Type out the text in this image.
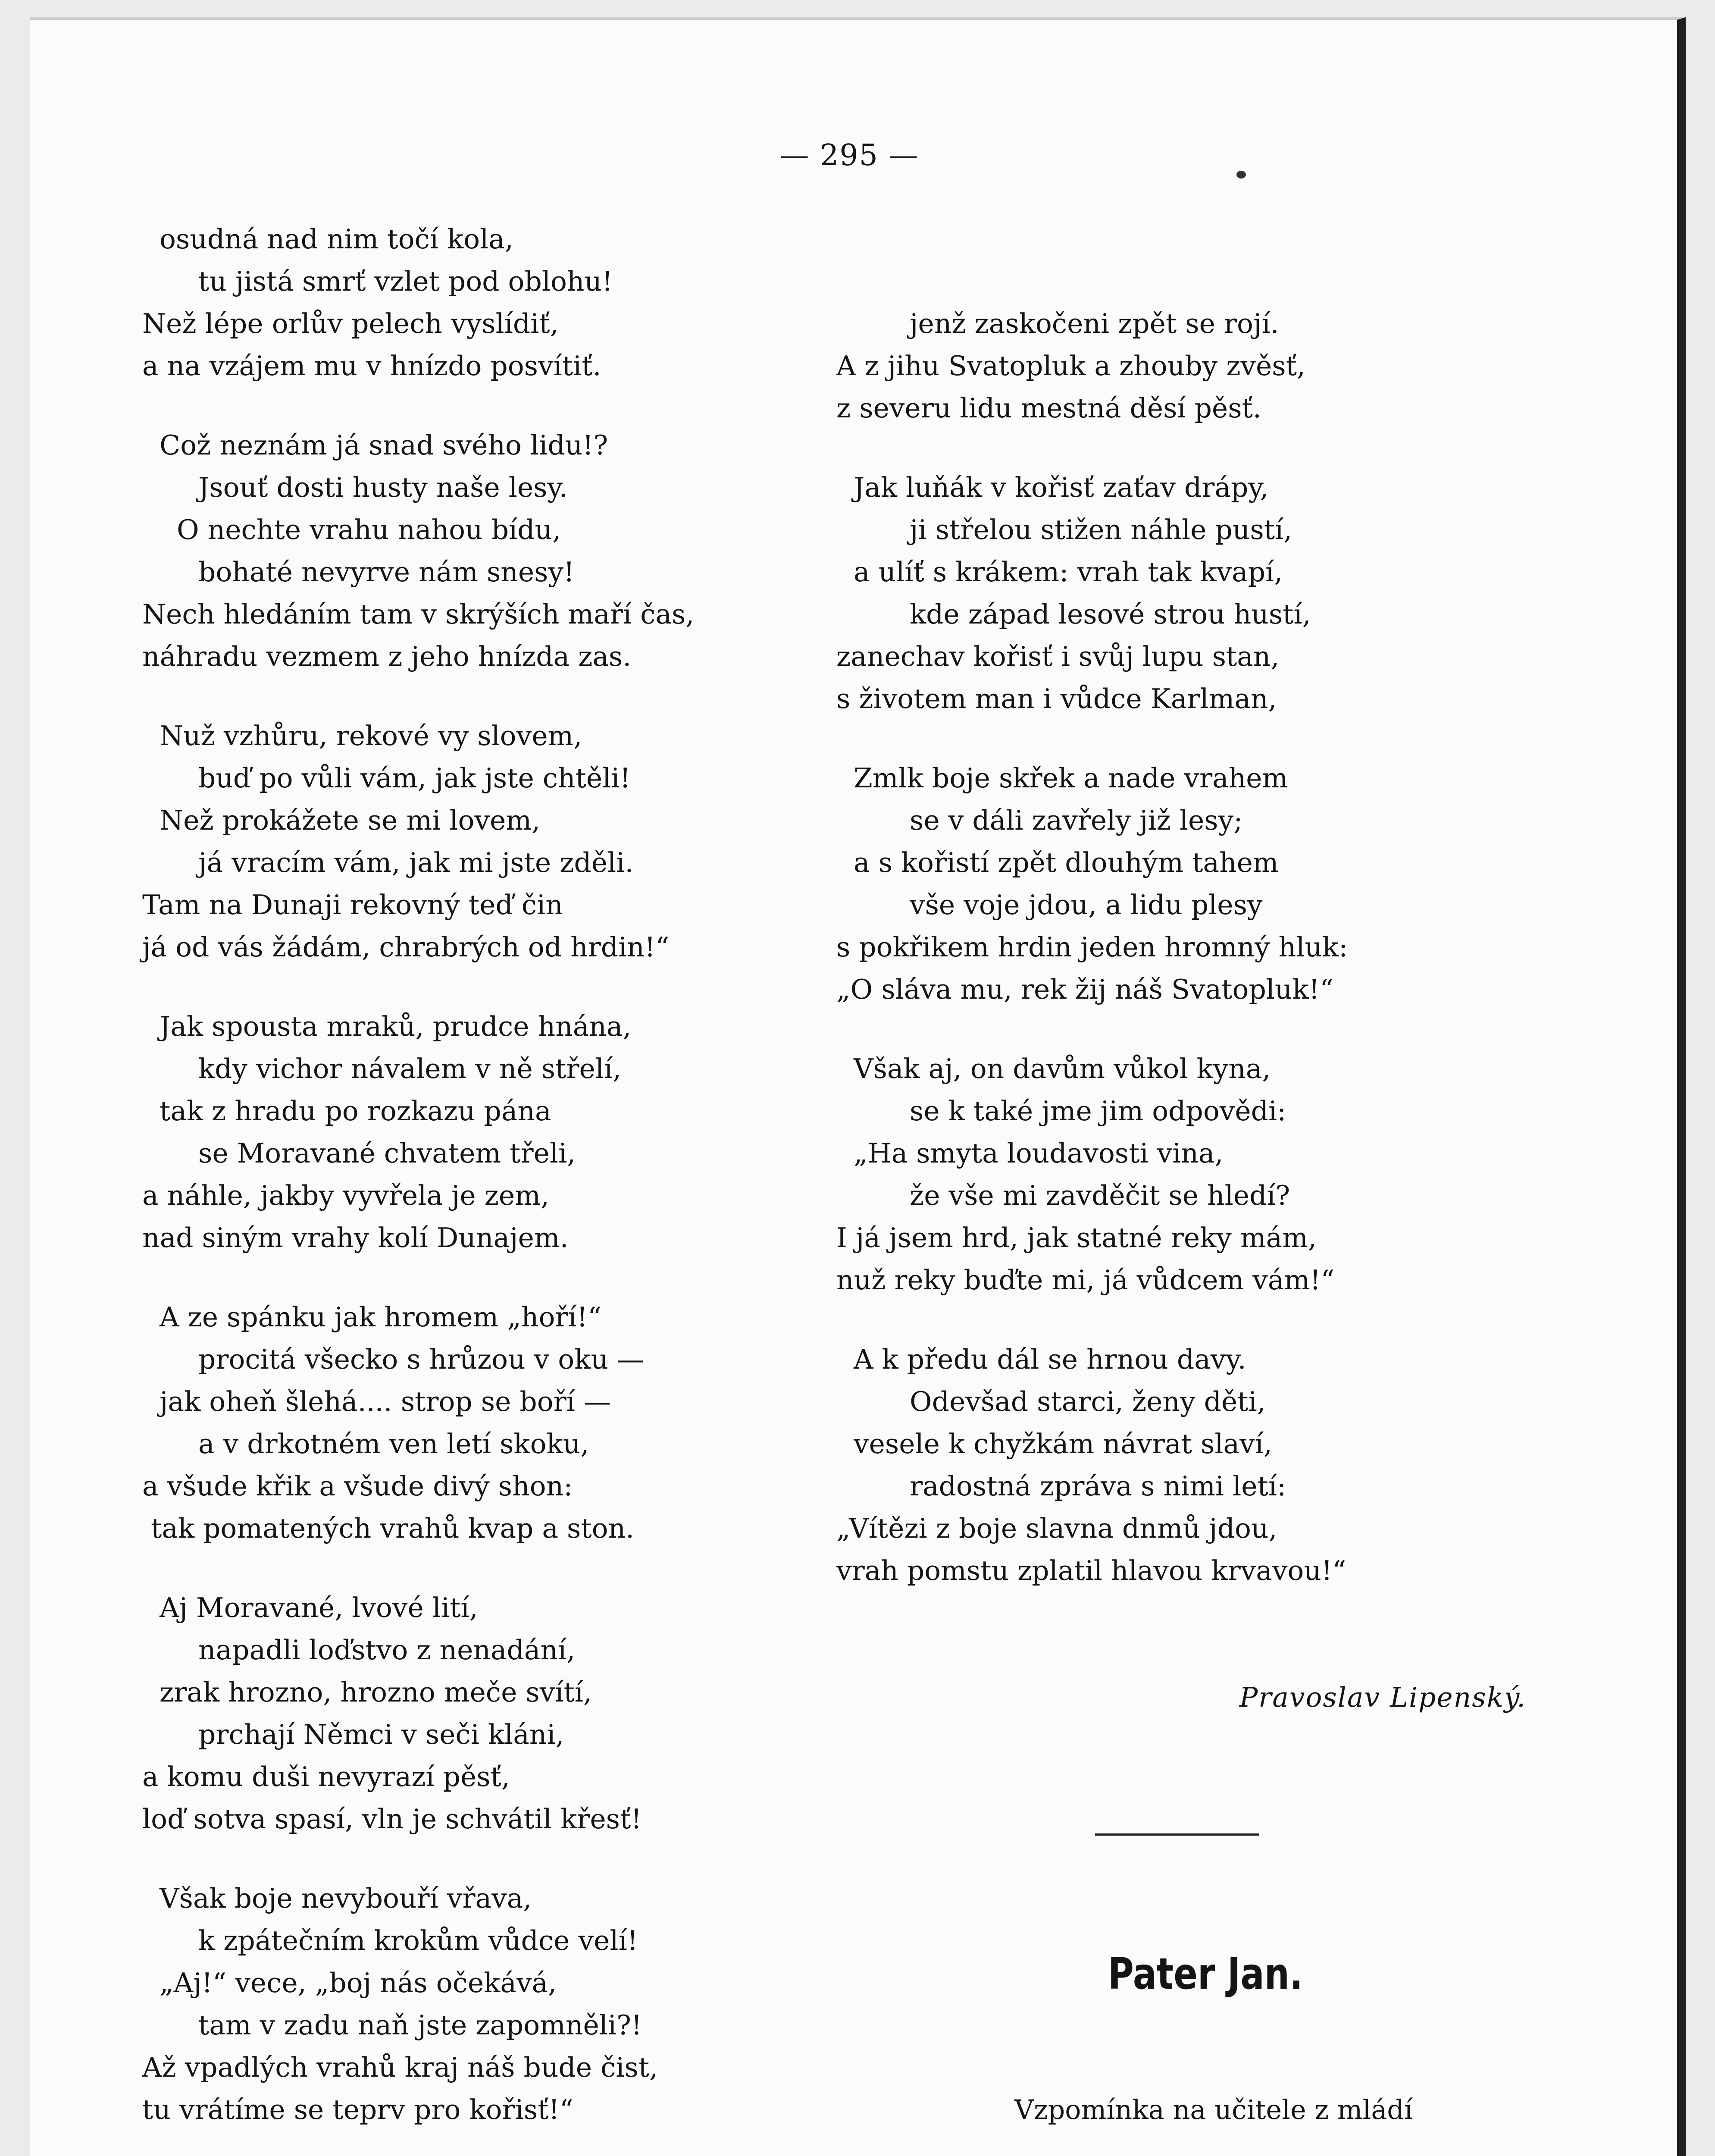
— 295 —
osudná nad nim točí kola,
tu jistá smrť vzlet pod oblohu!
Než lépe orlův pelech vyslídiť,
a na vzájem mu v hnízdo posvítiť.
Což neznám já snad svého lidu!?
Jsouť dosti husty naše lesy.
O nechte vrahu nahou bídu,
bohaté nevyrve nám snesy!
Nech hledáním tam v skrýších maří čas,
náhradu vezmem z jeho hnízda zas.
Nuž vzhůru, rekové vy slovem,
buď po vůli vám, jak jste chtěli!
Než prokážete se mi lovem,
já vracím vám, jak mi jste zděli.
Tam na Dunaji rekovný teď čin
já od vás žádám, chrabrých od hrdin!“
Jak spousta mraků, prudce hnána,
kdy vichor návalem v ně střelí,
tak z hradu po rozkazu pána
se Moravané chvatem třeli,
a náhle, jakby vyvřela je zem,
nad siným vrahy kolí Dunajem.
A ze spánku jak hromem „hoří!“
procitá všecko s hrůzou v oku —
jak oheň šlehá.... strop se boří —
a v drkotném ven letí skoku,
a všude křik a všude divý shon:
tak pomatených vrahů kvap a ston.
Aj Moravané, lvové lití,
napadli loďstvo z nenadání,
zrak hrozno, hrozno meče svítí,
prchají Němci v seči kláni,
a komu duši nevyrazí pěsť,
loď sotva spasí, vln je schvátil křesť!
Však boje nevybouří vřava,
k zpátečním krokům vůdce velí!
„Aj!“ vece, „boj nás očekává,
tam v zadu naň jste zapomněli?!
Až vpadlých vrahů kraj náš bude čist,
tu vrátíme se teprv pro kořisť!“

jenž zaskočeni zpět se rojí.
A z jihu Svatopluk a zhouby zvěsť,
z severu lidu mestná děsí pěsť.
Jak luňák v kořisť zaťav drápy,
ji střelou stižen náhle pustí,
a ulíť s krákem: vrah tak kvapí,
kde západ lesové strou hustí,
zanechav kořisť i svůj lupu stan,
s životem man i vůdce Karlman,
Zmlk boje skřek a nade vrahem
se v dáli zavřely již lesy;
a s kořistí zpět dlouhým tahem
vše voje jdou, a lidu plesy
s pokřikem hrdin jeden hromný hluk:
„O sláva mu, rek žij náš Svatopluk!“
Však aj, on davům vůkol kyna,
se k také jme jim odpovědi:
„Ha smyta loudavosti vina,
že vše mi zavděčit se hledí?
I já jsem hrd, jak statné reky mám,
nuž reky buďte mi, já vůdcem vám!“
A k předu dál se hrnou davy.
Odevšad starci, ženy děti,
vesele k chyžkám návrat slaví,
radostná zpráva s nimi letí:
„Vítězi z boje slavna dnmů jdou,
vrah pomstu zplatil hlavou krvavou!“

Pravoslav Lipenský.

Pater Jan.

Vzpomínka na učitele z mládí
